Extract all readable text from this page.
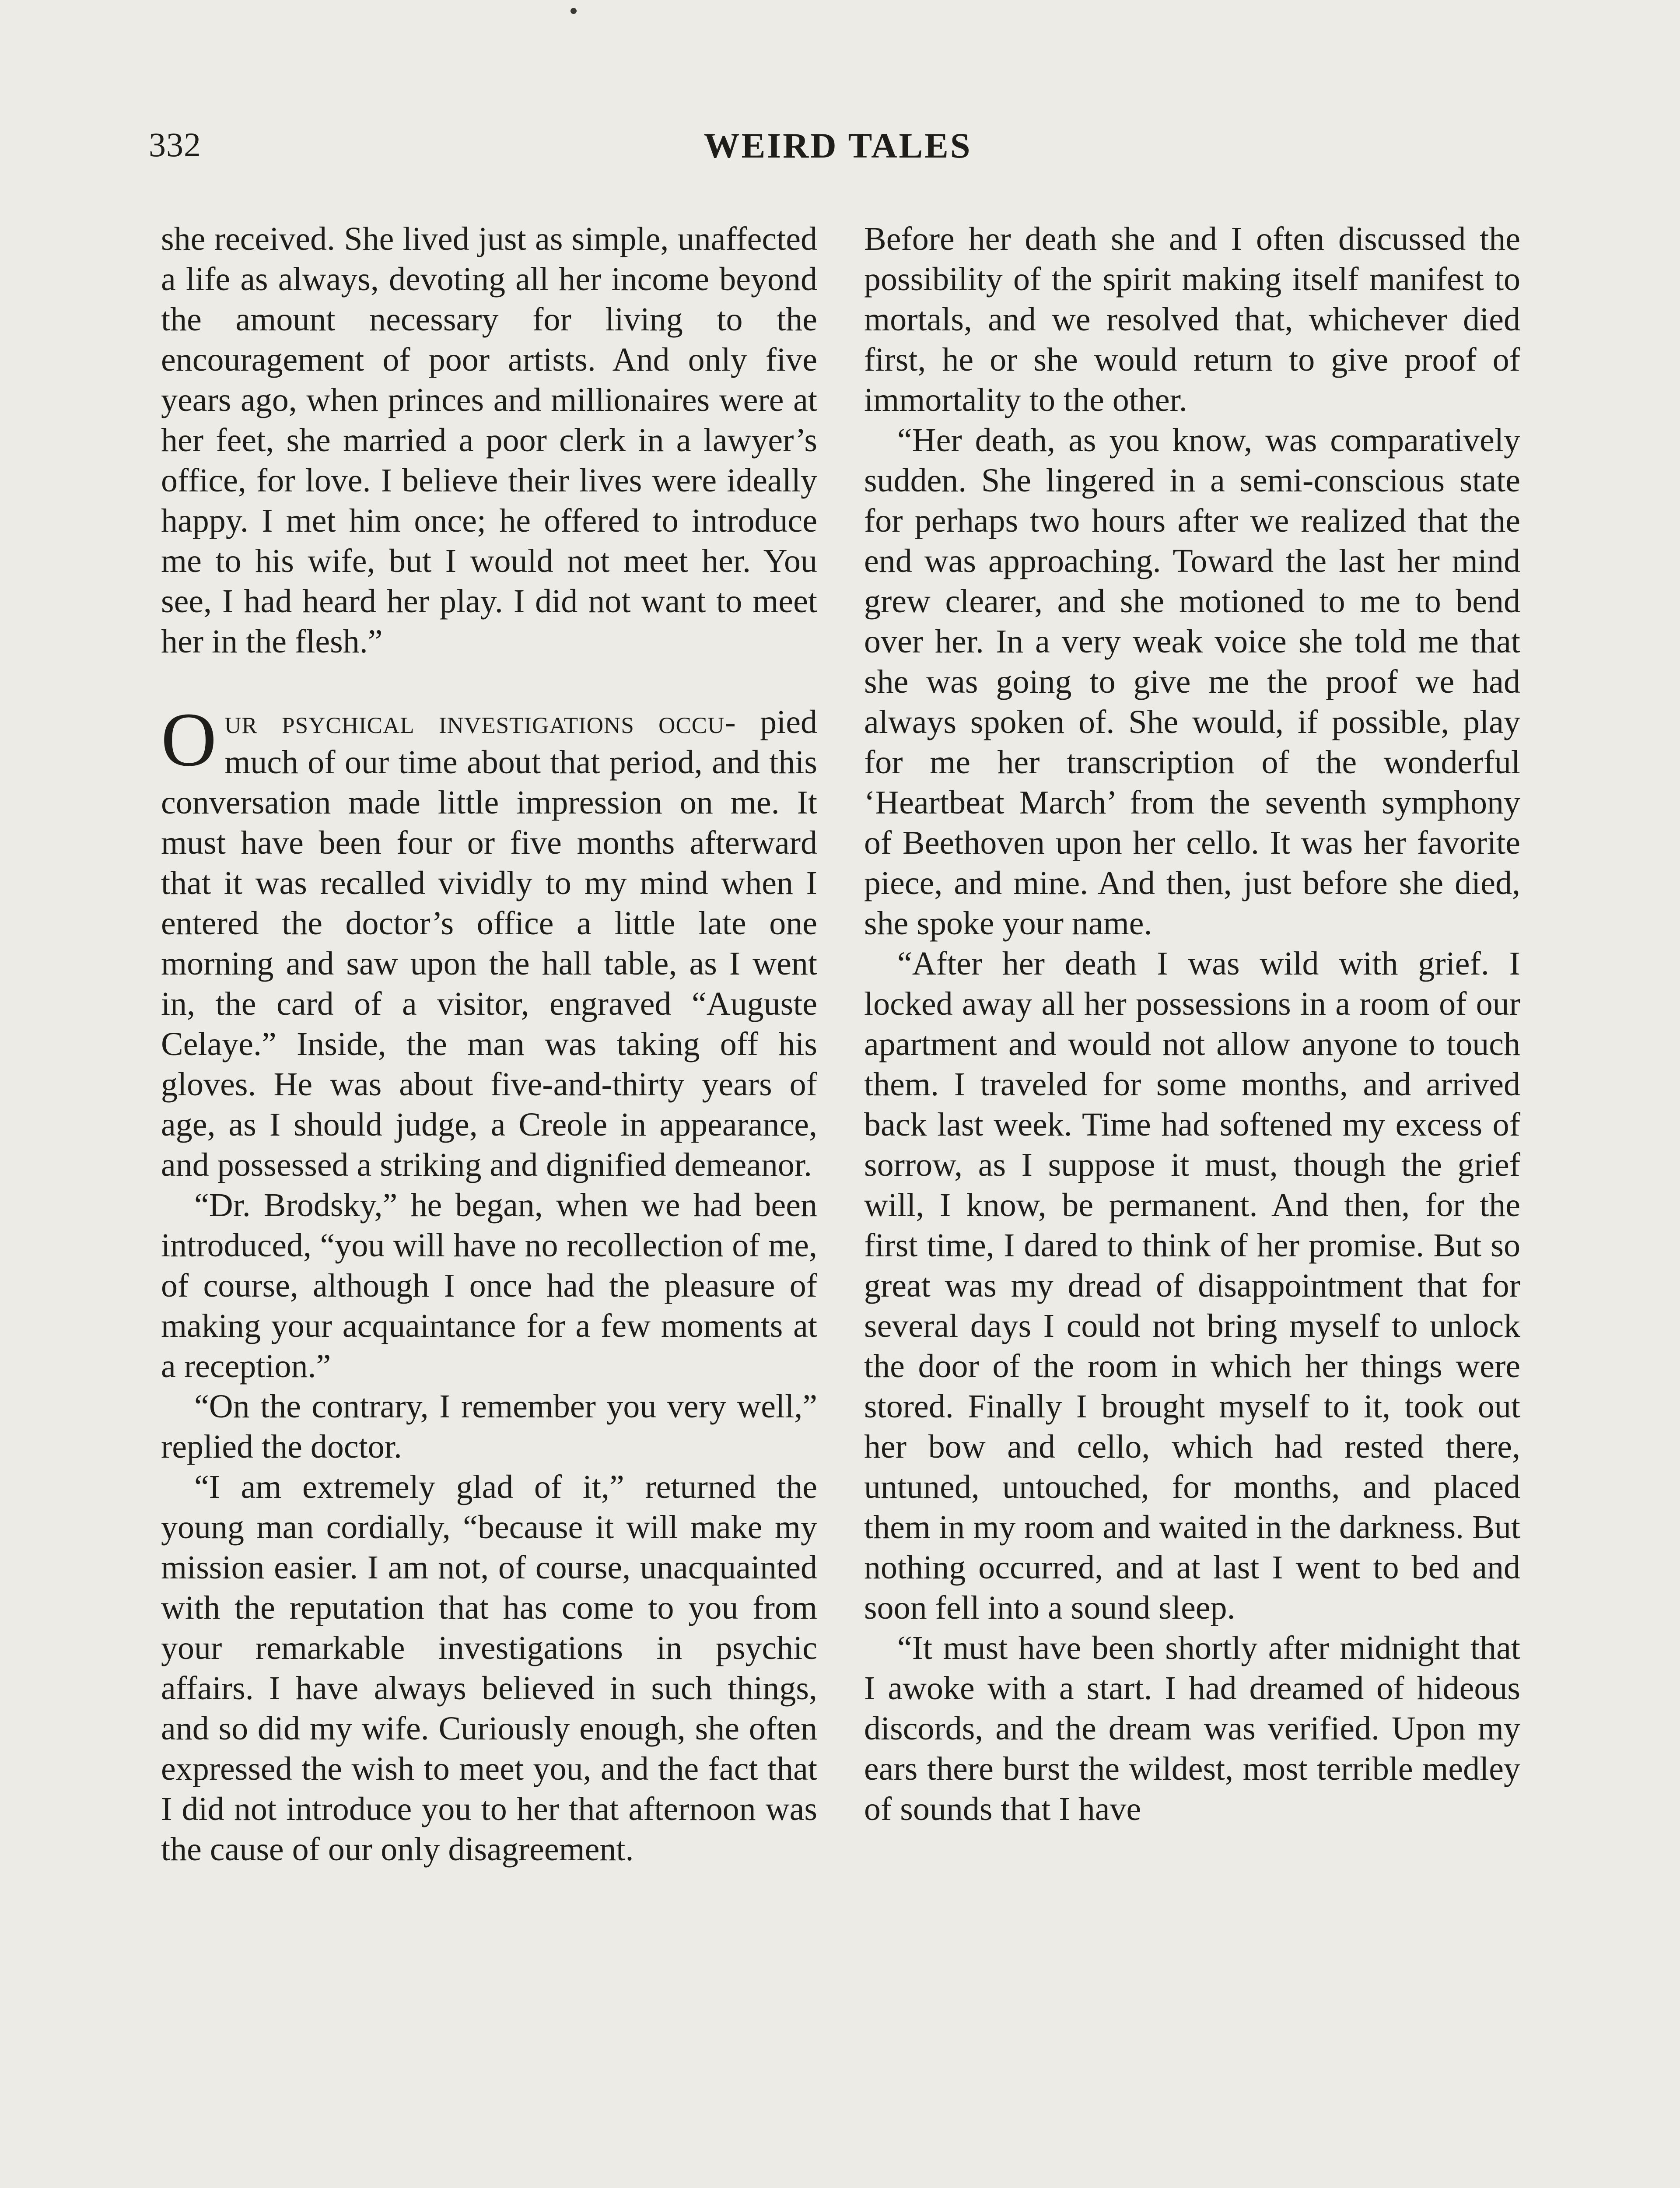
332	WEIRD TALES

she received. She lived just as simple, unaffected a life as always, devoting all her income beyond the amount necessary for living to the encouragement of poor artists. And only five years ago, when princes and millionaires were at her feet, she married a poor clerk in a lawyer’s office, for love. I believe their lives were ideally happy. I met him once; he offered to introduce me to his wife, but I would not meet her. You see, I had heard her play. I did not want to meet her in the flesh.”

O ur psychical investigations occu- pied much of our time about that period, and this conversation made little impression on me. It must have been four or five months afterward that it was recalled vividly to my mind when I entered the doctor’s office a little late one morning and saw upon the hall table, as I went in, the card of a visitor, engraved “Auguste Celaye.” Inside, the man was taking off his gloves. He was about five-and-thirty years of age, as I should judge, a Creole in appearance, and possessed a striking and dignified demeanor.

“Dr. Brodsky,” he began, when we had been introduced, “you will have no recollection of me, of course, although I once had the pleasure of making your acquaintance for a few moments at a reception.”

“On the contrary, I remember you very well,” replied the doctor.

“I am extremely glad of it,” returned the young man cordially, “because it will make my mission easier. I am not, of course, unacquainted with the reputation that has come to you from your remarkable investigations in psychic affairs. I have always believed in such things, and so did my wife. Curiously enough, she often expressed the wish to meet you, and the fact that I did not introduce you to her that afternoon was the cause of our only disagreement.

Before her death she and I often discussed the possibility of the spirit making itself manifest to mortals, and we resolved that, whichever died first, he or she would return to give proof of immortality to the other.

“Her death, as you know, was comparatively sudden. She lingered in a semi-conscious state for perhaps two hours after we realized that the end was approaching. Toward the last her mind grew clearer, and she motioned to me to bend over her. In a very weak voice she told me that she was going to give me the proof we had always spoken of. She would, if possible, play for me her transcription of the wonderful ‘Heartbeat March’ from the seventh symphony of Beethoven upon her cello. It was her favorite piece, and mine. And then, just before she died, she spoke your name.

“After her death I was wild with grief. I locked away all her possessions in a room of our apartment and would not allow anyone to touch them. I traveled for some months, and arrived back last week. Time had softened my excess of sorrow, as I suppose it must, though the grief will, I know, be permanent. And then, for the first time, I dared to think of her promise. But so great was my dread of disappointment that for several days I could not bring myself to unlock the door of the room in which her things were stored. Finally I brought myself to it, took out her bow and cello, which had rested there, untuned, untouched, for months, and placed them in my room and waited in the darkness. But nothing occurred, and at last I went to bed and soon fell into a sound sleep.

“It must have been shortly after midnight that I awoke with a start. I had dreamed of hideous discords, and the dream was verified. Upon my ears there burst the wildest, most terrible medley of sounds that I have
